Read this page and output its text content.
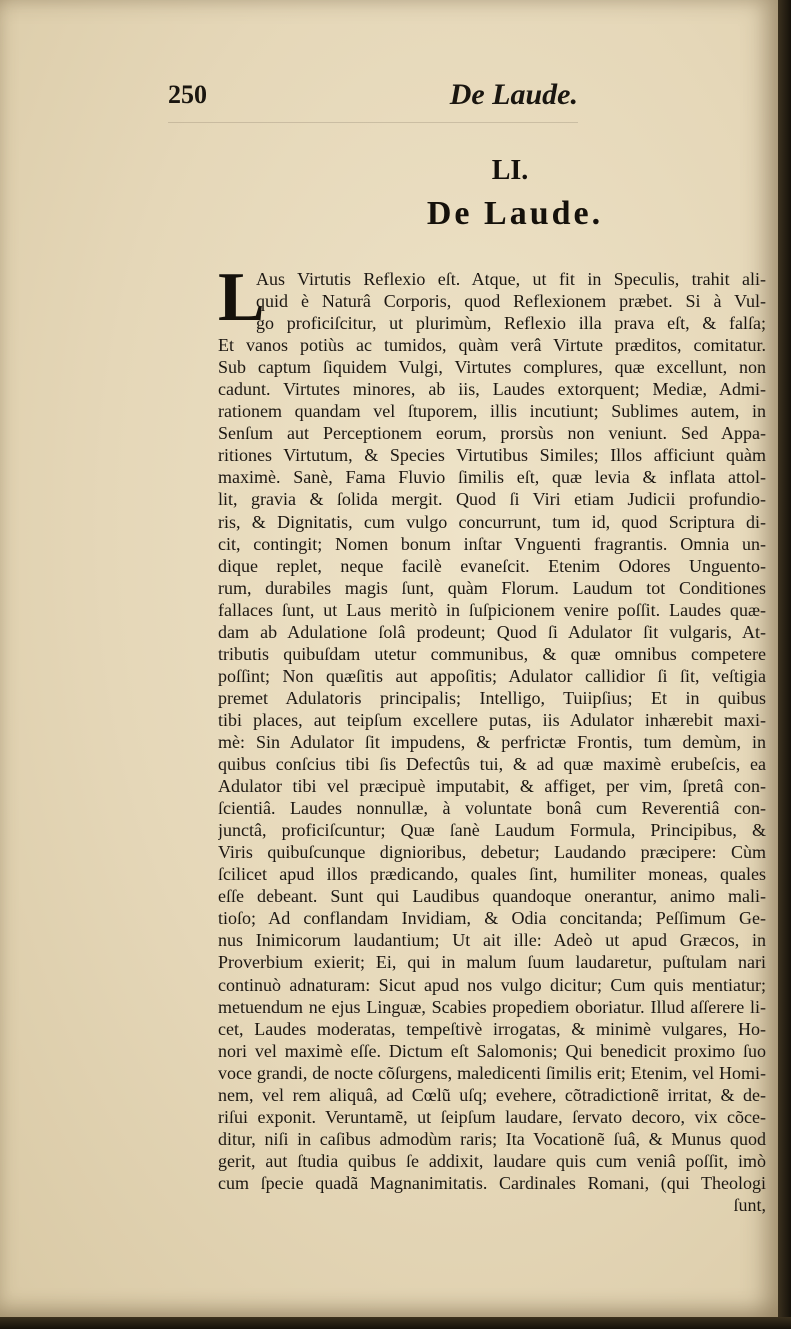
250	De Laude.
LI.
De Laude.
L
Aus Virtutis Reflexio eſt. Atque, ut fit in Speculis, trahit ali-
quid è Naturâ Corporis, quod Reflexionem præbet. Si à Vul-
go proficiſcitur, ut plurimùm, Reflexio illa prava eſt, & falſa;
Et vanos potiùs ac tumidos, quàm verâ Virtute præditos, comitatur.
Sub captum ſiquidem Vulgi, Virtutes complures, quæ excellunt, non
cadunt. Virtutes minores, ab iis, Laudes extorquent; Mediæ, Admi-
rationem quandam vel ſtuporem, illis incutiunt; Sublimes autem, in
Senſum aut Perceptionem eorum, prorsùs non veniunt. Sed Appa-
ritiones Virtutum, & Species Virtutibus Similes; Illos afficiunt quàm
maximè. Sanè, Fama Fluvio ſimilis eſt, quæ levia & inflata attol-
lit, gravia & ſolida mergit. Quod ſi Viri etiam Judicii profundio-
ris, & Dignitatis, cum vulgo concurrunt, tum id, quod Scriptura di-
cit, contingit; Nomen bonum inſtar Vnguenti fragrantis. Omnia un-
dique replet, neque facilè evaneſcit. Etenim Odores Unguento-
rum, durabiles magis ſunt, quàm Florum. Laudum tot Conditiones
fallaces ſunt, ut Laus meritò in ſuſpicionem venire poſſit. Laudes quæ-
dam ab Adulatione ſolâ prodeunt; Quod ſi Adulator ſit vulgaris, At-
tributis quibuſdam utetur communibus, & quæ omnibus competere
poſſint; Non quæſitis aut appoſitis; Adulator callidior ſi ſit, veſtigia
premet Adulatoris principalis; Intelligo, Tuiipſius; Et in quibus
tibi places, aut teipſum excellere putas, iis Adulator inhærebit maxi-
mè: Sin Adulator ſit impudens, & perfrictæ Frontis, tum demùm, in
quibus conſcius tibi ſis Defectûs tui, & ad quæ maximè erubeſcis, ea
Adulator tibi vel præcipuè imputabit, & affiget, per vim, ſpretâ con-
ſcientiâ. Laudes nonnullæ, à voluntate bonâ cum Reverentiâ con-
junctâ, proficiſcuntur; Quæ ſanè Laudum Formula, Principibus, &
Viris quibuſcunque dignioribus, debetur; Laudando præcipere: Cùm
ſcilicet apud illos prædicando, quales ſint, humiliter moneas, quales
eſſe debeant. Sunt qui Laudibus quandoque onerantur, animo mali-
tioſo; Ad conflandam Invidiam, & Odia concitanda; Peſſimum Ge-
nus Inimicorum laudantium; Ut ait ille: Adeò ut apud Græcos, in
Proverbium exierit; Ei, qui in malum ſuum laudaretur, puſtulam nari
continuò adnaturam: Sicut apud nos vulgo dicitur; Cum quis mentiatur;
metuendum ne ejus Linguæ, Scabies propediem oboriatur. Illud aſſerere li-
cet, Laudes moderatas, tempeſtivè irrogatas, & minimè vulgares, Ho-
nori vel maximè eſſe. Dictum eſt Salomonis; Qui benedicit proximo ſuo
voce grandi, de nocte cõſurgens, maledicenti ſimilis erit; Etenim, vel Homi-
nem, vel rem aliquâ, ad Cœlũ uſq; evehere, cõtradictionẽ irritat, & de-
riſui exponit. Veruntamẽ, ut ſeipſum laudare, ſervato decoro, vix cõce-
ditur, niſi in caſibus admodùm raris; Ita Vocationẽ ſuâ, & Munus quod
gerit, aut ſtudia quibus ſe addixit, laudare quis cum veniâ poſſit, imò
cum ſpecie quadã Magnanimitatis. Cardinales Romani, (qui Theologi
ſunt,
